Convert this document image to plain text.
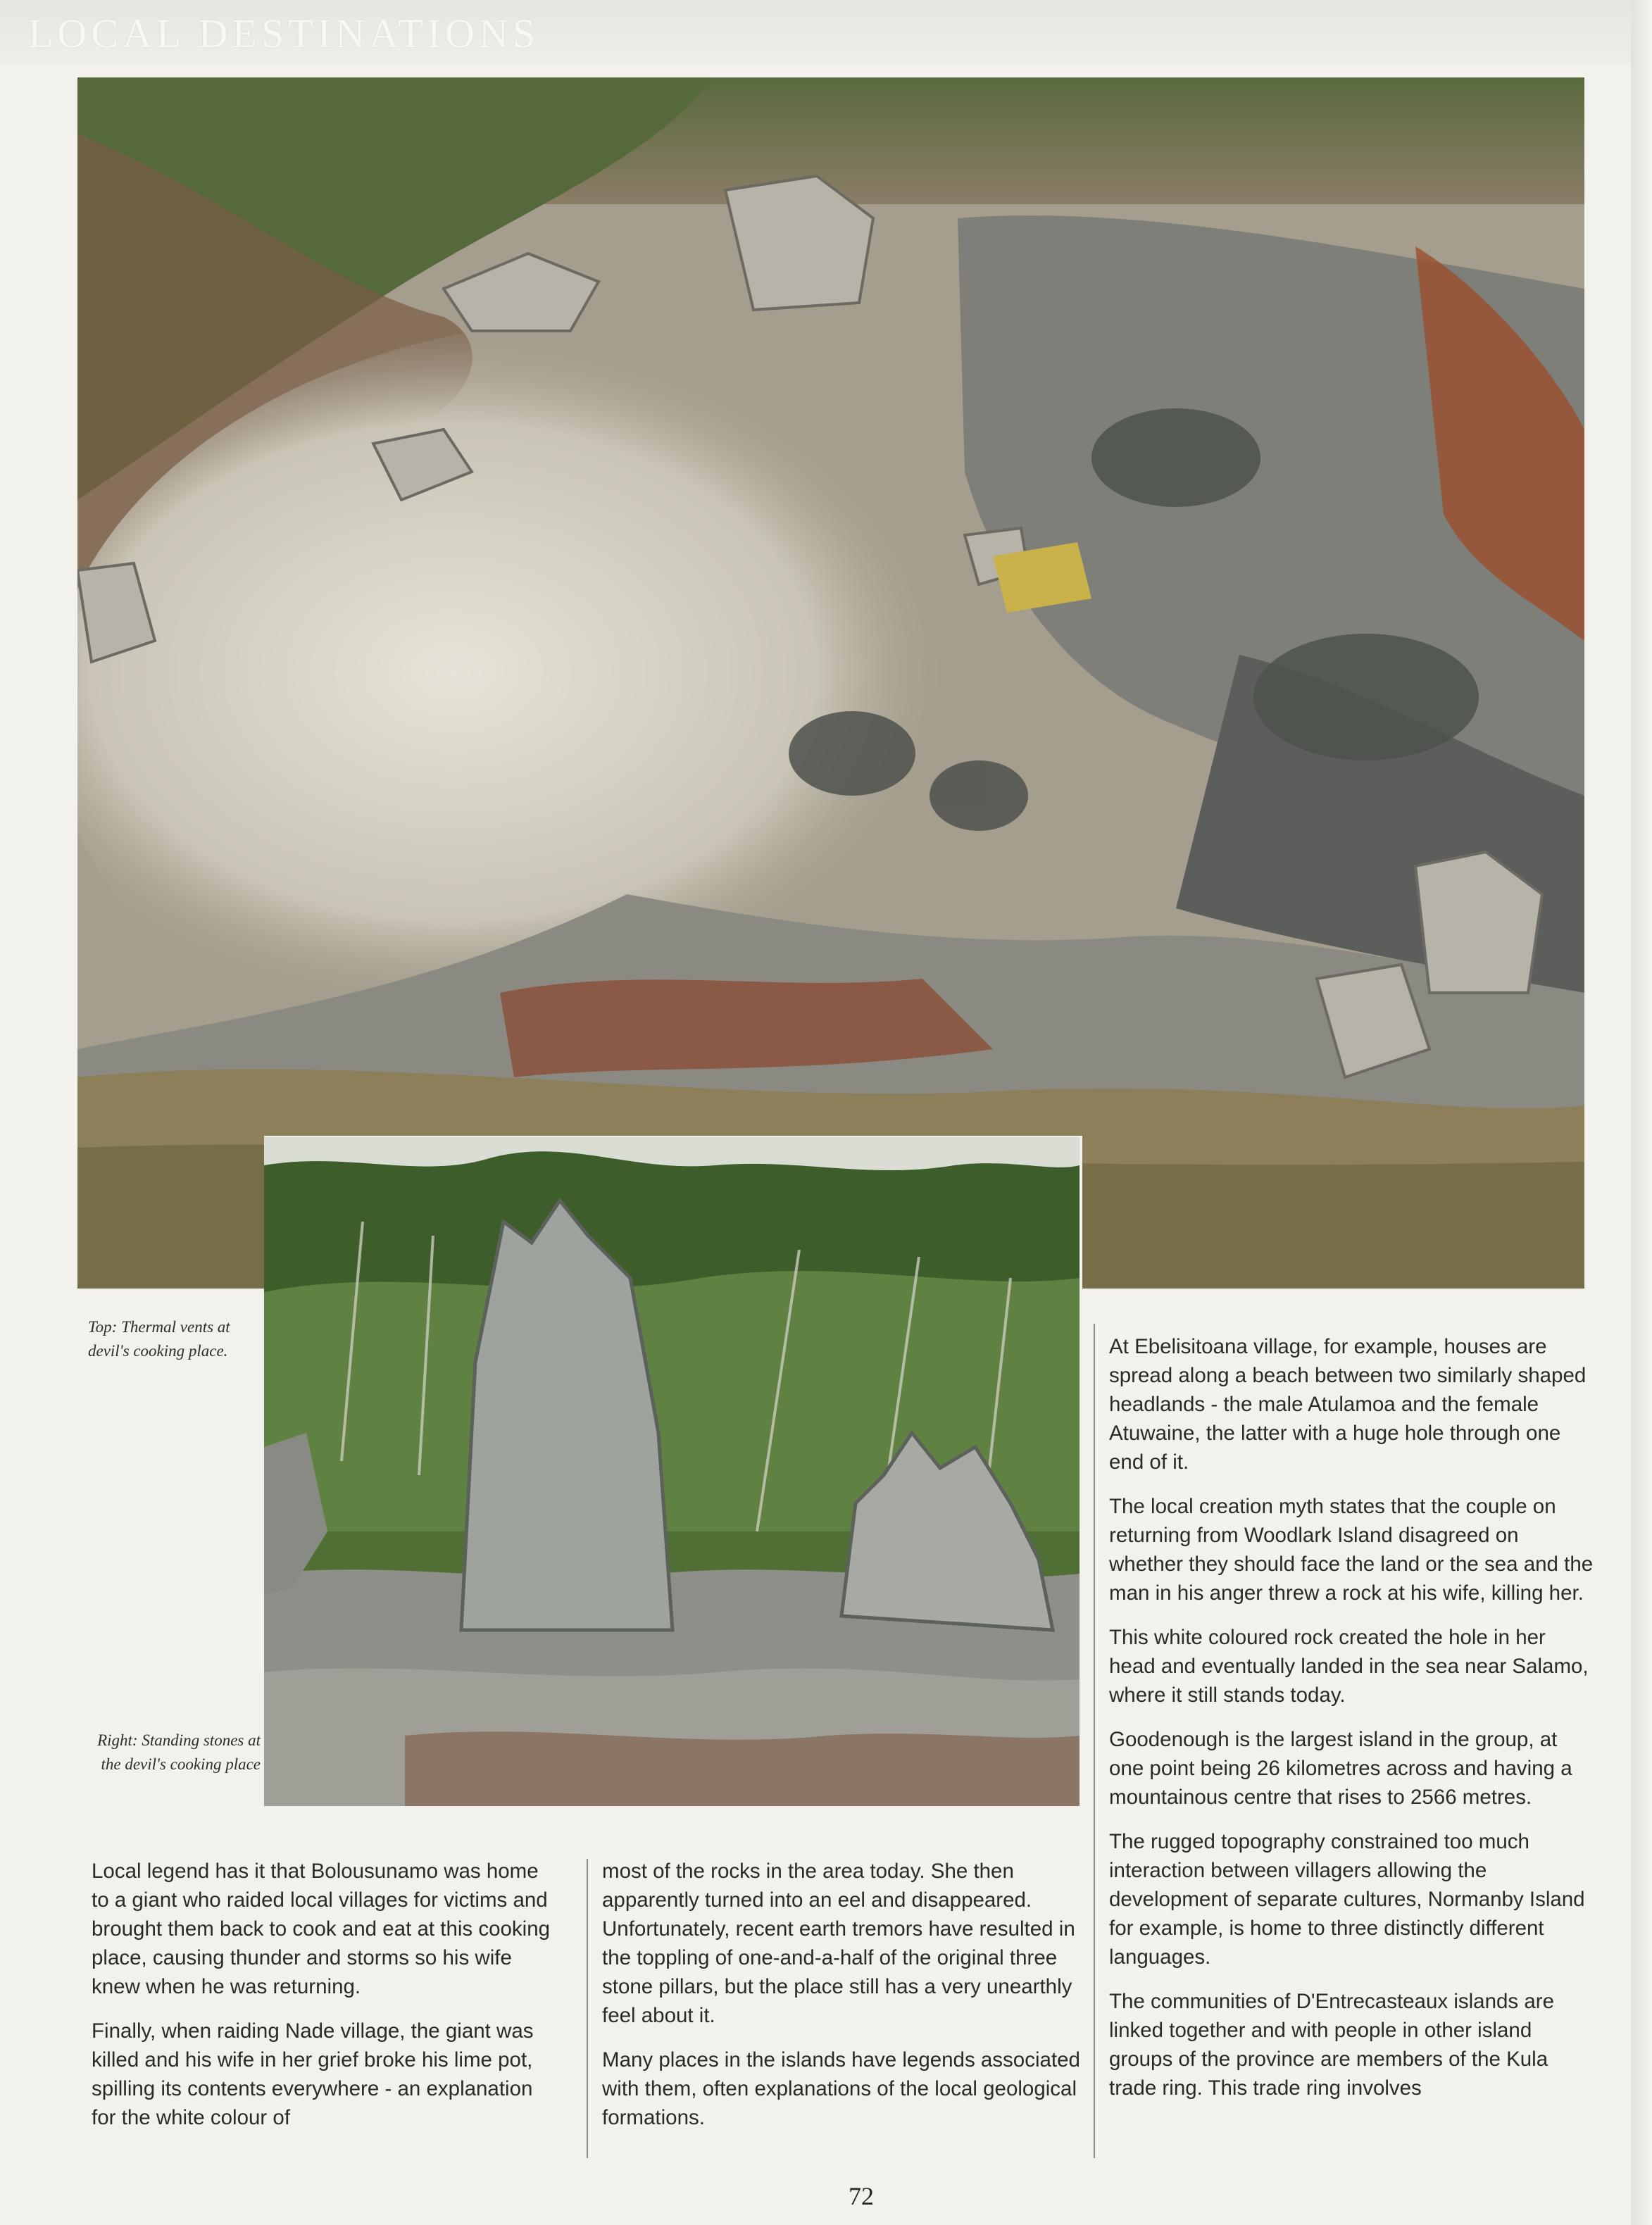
LOCAL DESTINATIONS
Top: Thermal vents at devil's cooking place.
Right: Standing stones at the devil's cooking place

Local legend has it that Bolousunamo was home to a giant who raided local villages for victims and brought them back to cook and eat at this cooking place, causing thunder and storms so his wife knew when he was returning.

Finally, when raiding Nade village, the giant was killed and his wife in her grief broke his lime pot, spilling its contents everywhere - an explanation for the white colour of

most of the rocks in the area today. She then apparently turned into an eel and disappeared. Unfortunately, recent earth tremors have resulted in the toppling of one-and-a-half of the original three stone pillars, but the place still has a very unearthly feel about it.

Many places in the islands have legends associated with them, often explanations of the local geological formations.

At Ebelisitoana village, for example, houses are spread along a beach between two similarly shaped headlands - the male Atulamoa and the female Atuwaine, the latter with a huge hole through one end of it.

The local creation myth states that the couple on returning from Woodlark Island disagreed on whether they should face the land or the sea and the man in his anger threw a rock at his wife, killing her.

This white coloured rock created the hole in her head and eventually landed in the sea near Salamo, where it still stands today.

Goodenough is the largest island in the group, at one point being 26 kilometres across and having a mountainous centre that rises to 2566 metres.

The rugged topography constrained too much interaction between villagers allowing the development of separate cultures, Normanby Island for example, is home to three distinctly different languages.

The communities of D'Entrecasteaux islands are linked together and with people in other island groups of the province are members of the Kula trade ring. This trade ring involves

72
